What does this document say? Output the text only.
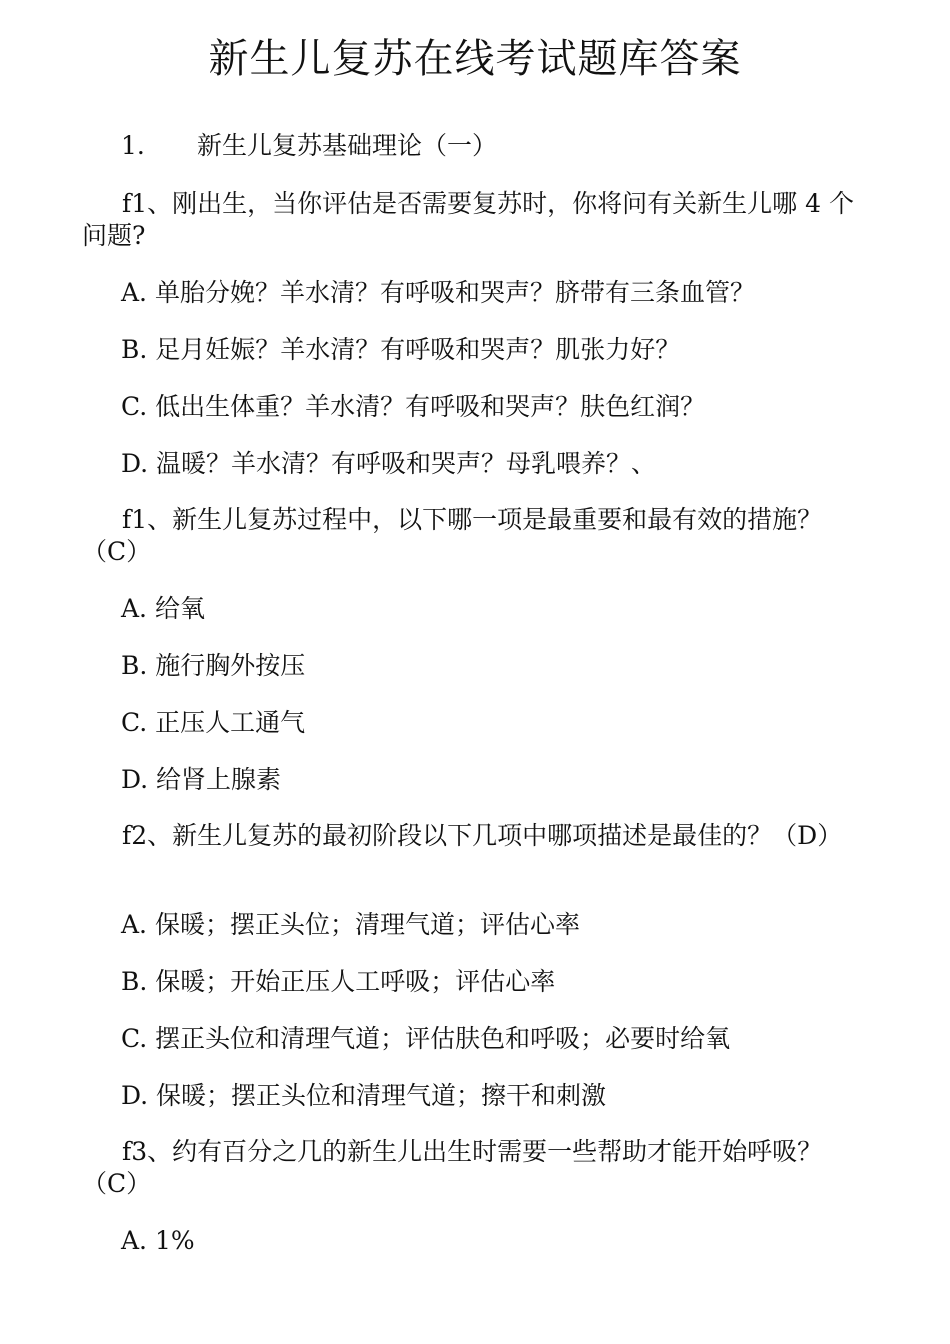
新生儿复苏在线考试题库答案
1. 新生儿复苏基础理论（一）

f1、刚出生，当你评估是否需要复苏时，你将问有关新生儿哪 4 个问题?

A. 单胎分娩？羊水清？有呼吸和哭声？脐带有三条血管？
B. 足月妊娠？羊水清？有呼吸和哭声？肌张力好？
C. 低出生体重？羊水清？有呼吸和哭声？肤色红润？
D. 温暖？羊水清？有呼吸和哭声？母乳喂养？、

f1、新生儿复苏过程中，以下哪一项是最重要和最有效的措施？（C）

A. 给氧
B. 施行胸外按压
C. 正压人工通气
D. 给肾上腺素

f2、新生儿复苏的最初阶段以下几项中哪项描述是最佳的？（D）

A. 保暖；摆正头位；清理气道；评估心率
B. 保暖；开始正压人工呼吸；评估心率
C. 摆正头位和清理气道；评估肤色和呼吸；必要时给氧
D. 保暖；摆正头位和清理气道；擦干和刺激

f3、约有百分之几的新生儿出生时需要一些帮助才能开始呼吸？（C）

A. 1%
